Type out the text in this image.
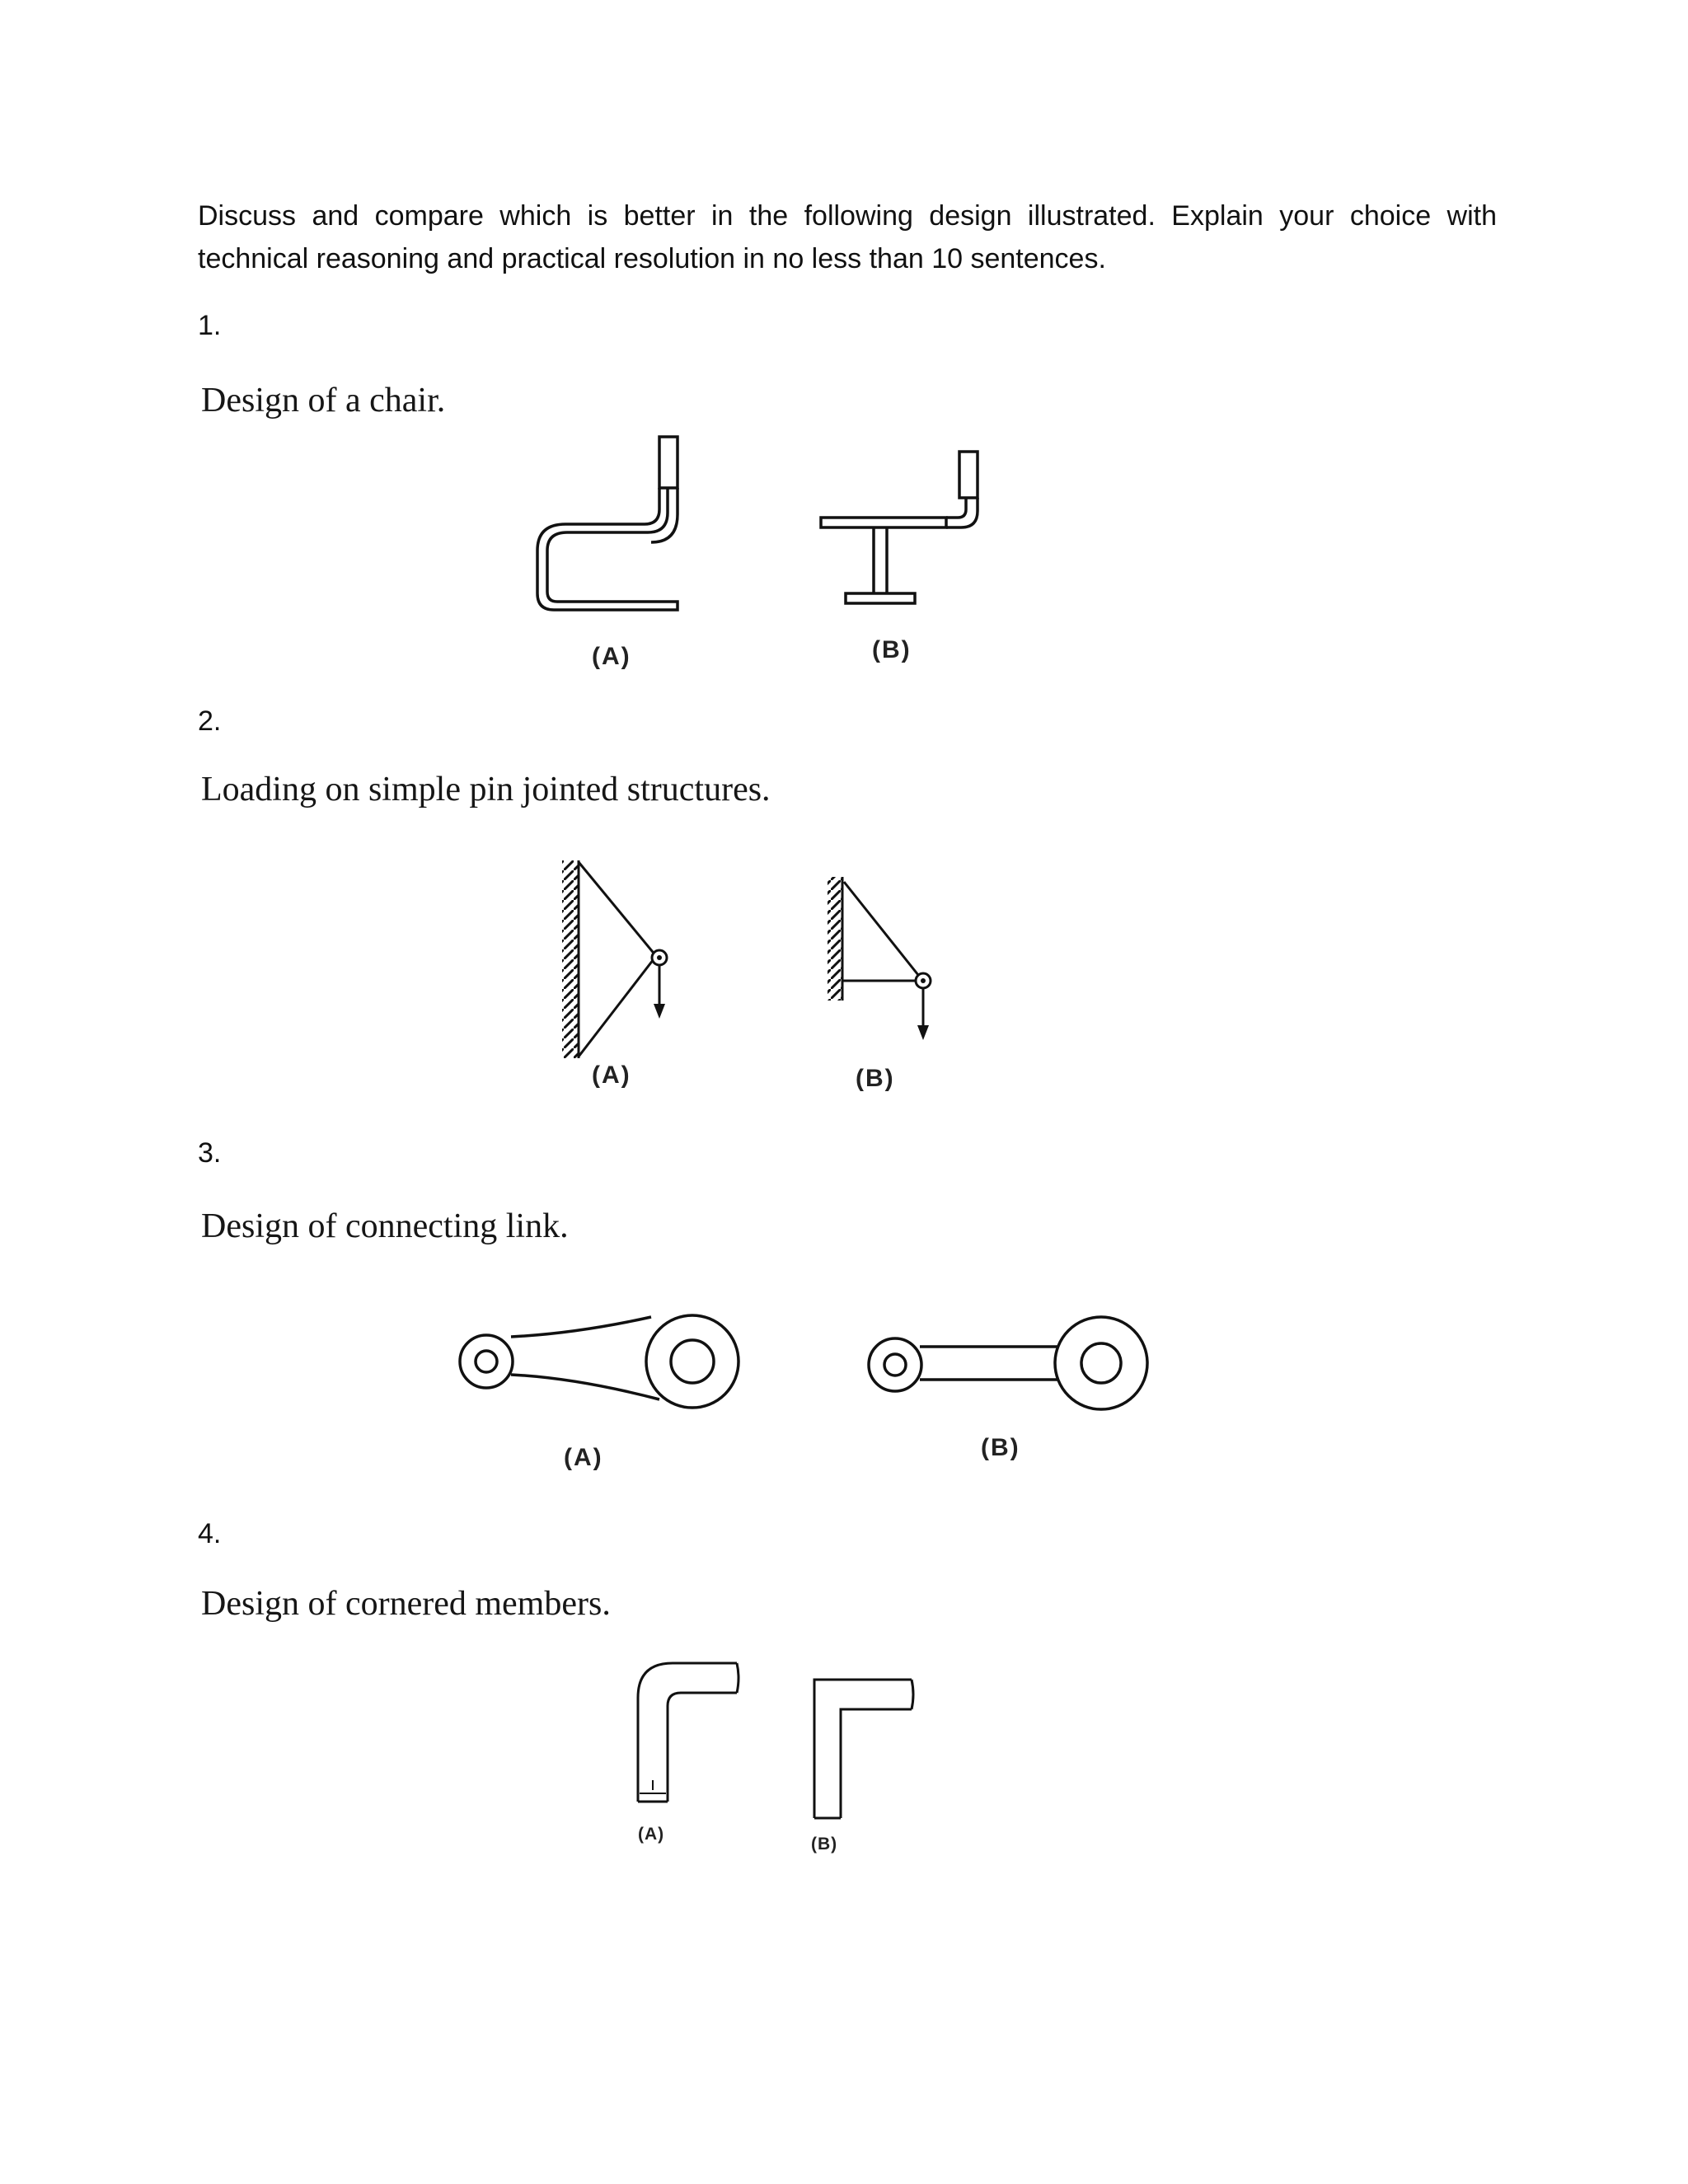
Discuss and compare which is better in the following design illustrated. Explain your choice with technical reasoning and practical resolution in no less than 10 sentences.

1.

Design of a chair.

(A)	(B)

2.

Loading on simple pin jointed structures.

(A)	(B)

3.

Design of connecting link.

(A)	(B)

4.

Design of cornered members.

(A)

(B)
